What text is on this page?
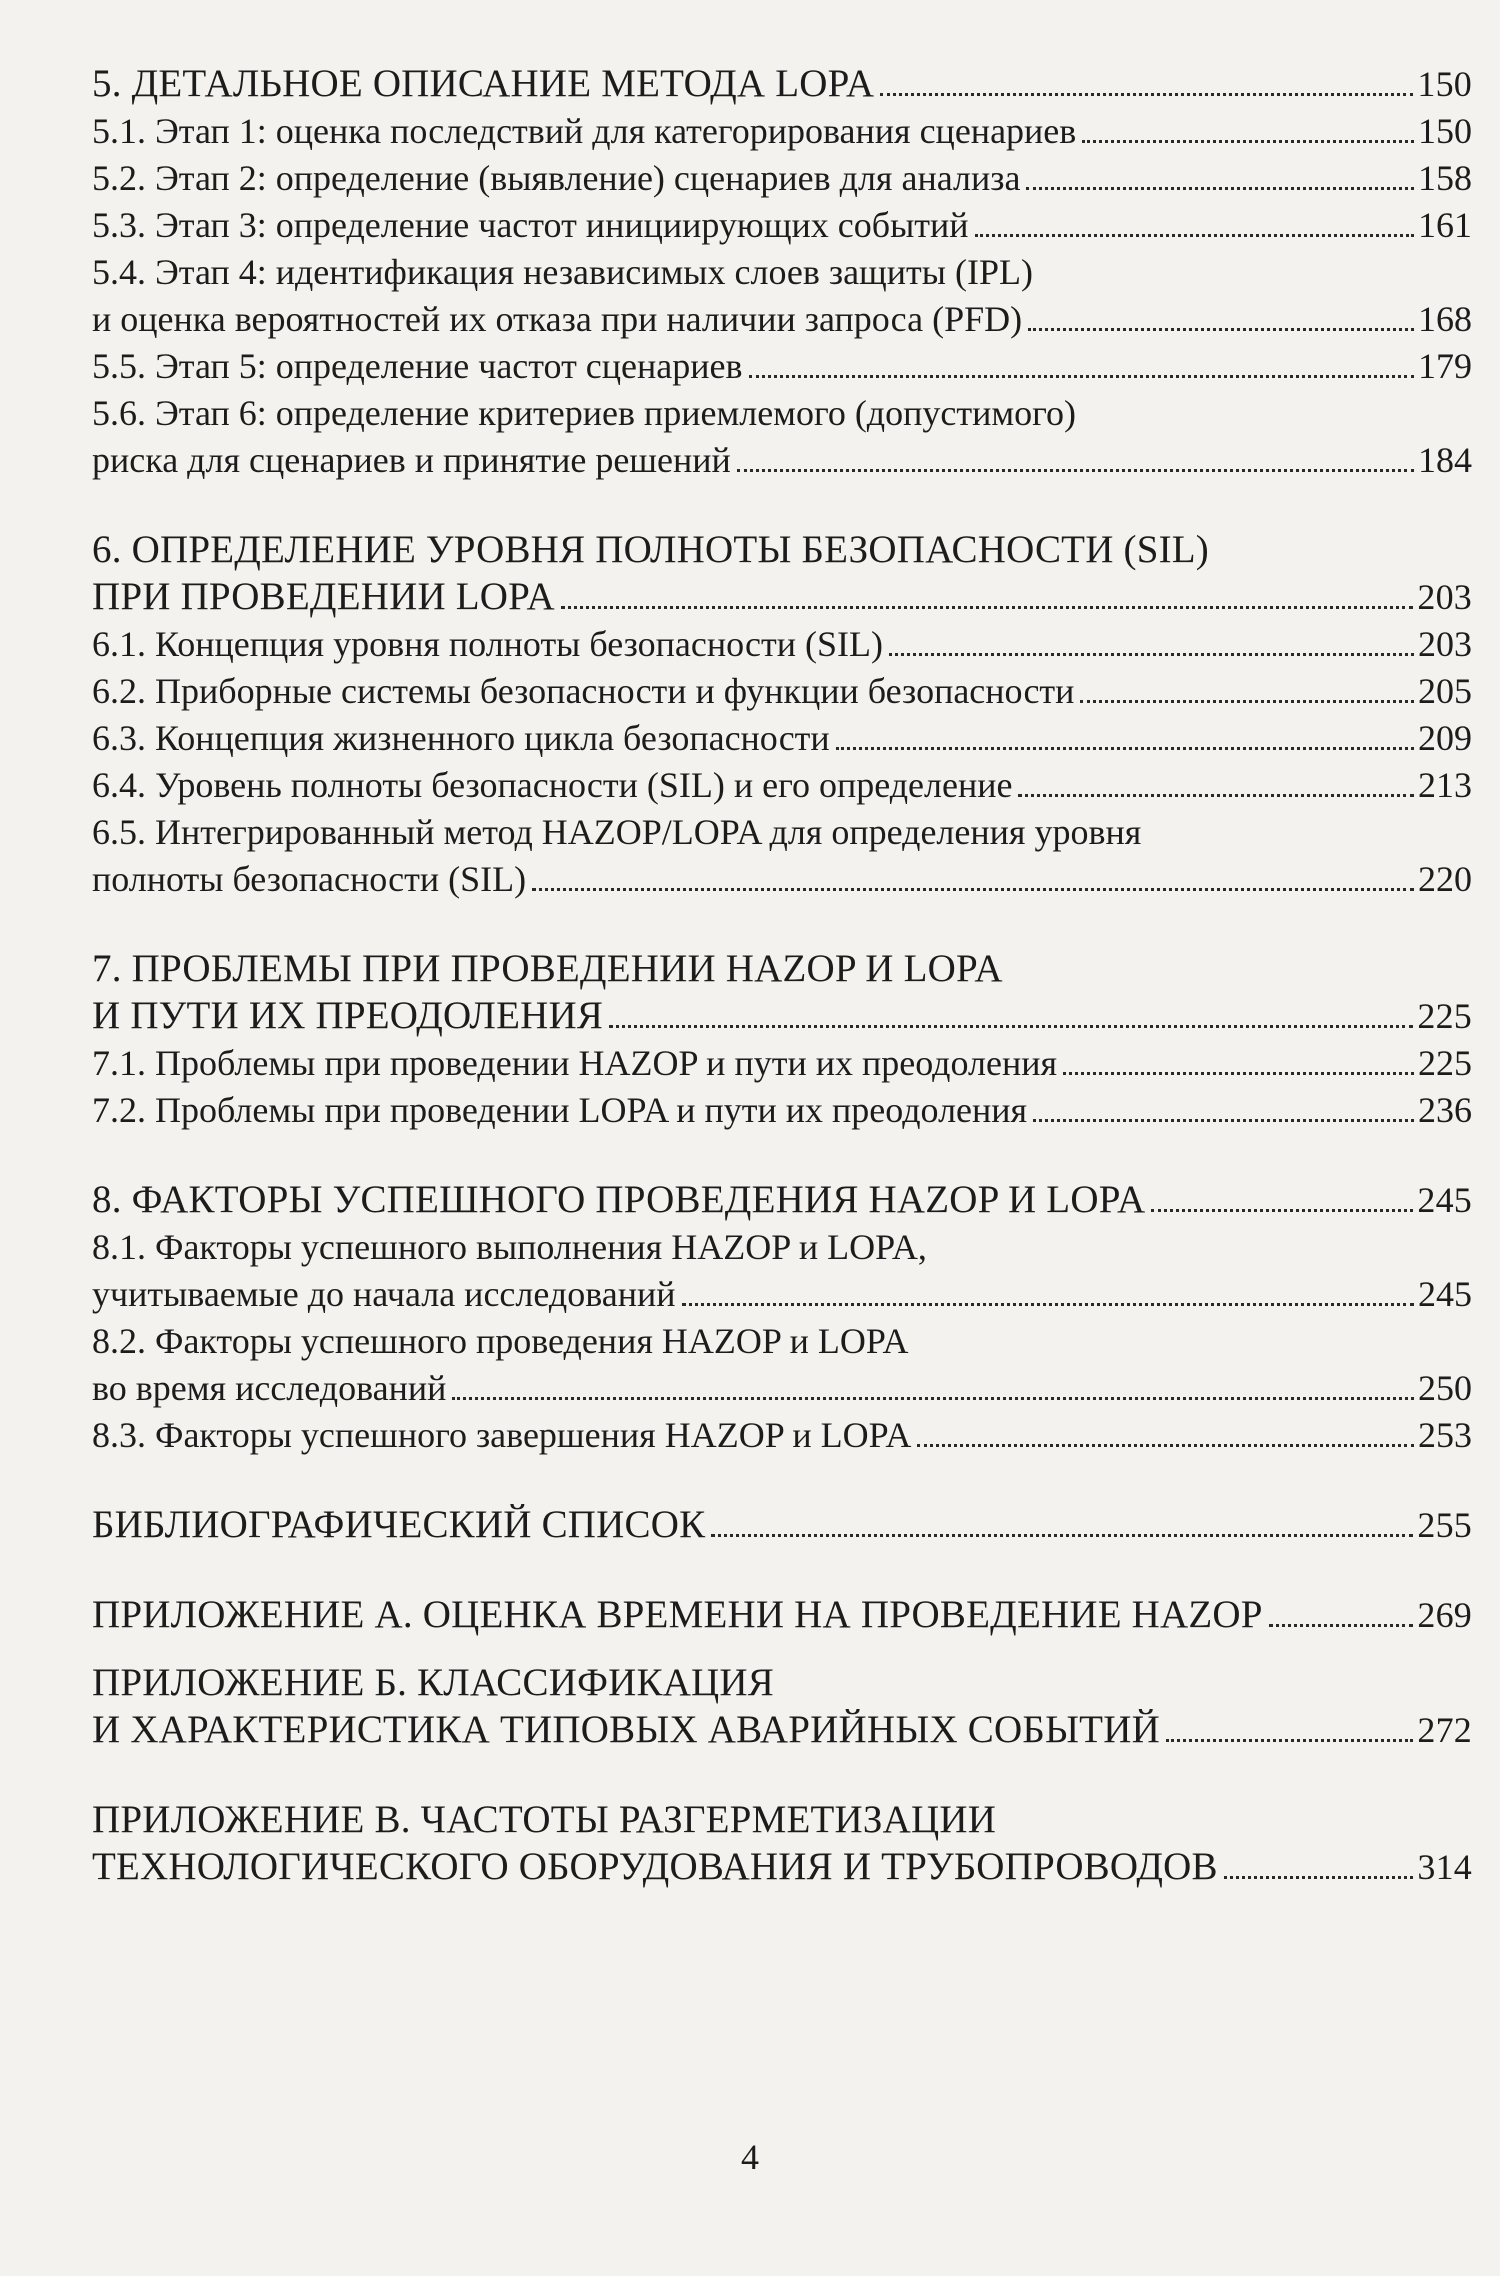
5. ДЕТАЛЬНОЕ ОПИСАНИЕ МЕТОДА LOPA	150
5.1. Этап 1: оценка последствий для категорирования сценариев	150
5.2. Этап 2: определение (выявление) сценариев для анализа	158
5.3. Этап 3: определение частот инициирующих событий	161
5.4. Этап 4: идентификация независимых слоев защиты (IPL)
и оценка вероятностей их отказа при наличии запроса (PFD)	168
5.5. Этап 5: определение частот сценариев	179
5.6. Этап 6: определение критериев приемлемого (допустимого)
риска для сценариев и принятие решений	184
6. ОПРЕДЕЛЕНИЕ УРОВНЯ ПОЛНОТЫ БЕЗОПАСНОСТИ (SIL)
ПРИ ПРОВЕДЕНИИ LOPA	203
6.1. Концепция уровня полноты безопасности (SIL)	203
6.2. Приборные системы безопасности и функции безопасности	205
6.3. Концепция жизненного цикла безопасности	209
6.4. Уровень полноты безопасности (SIL) и его определение	213
6.5. Интегрированный метод HAZOP/LOPA для определения уровня
полноты безопасности (SIL)	220
7. ПРОБЛЕМЫ ПРИ ПРОВЕДЕНИИ HAZOP И LOPA
И ПУТИ ИХ ПРЕОДОЛЕНИЯ	225
7.1. Проблемы при проведении HAZOP и пути их преодоления	225
7.2. Проблемы при проведении LOPA и пути их преодоления	236
8. ФАКТОРЫ УСПЕШНОГО ПРОВЕДЕНИЯ HAZOP И LOPA	245
8.1. Факторы успешного выполнения HAZOP и LOPA,
учитываемые до начала исследований	245
8.2. Факторы успешного проведения HAZOP и LOPA
во время исследований	250
8.3. Факторы успешного завершения HAZOP и LOPA	253
БИБЛИОГРАФИЧЕСКИЙ СПИСОК	255
ПРИЛОЖЕНИЕ А. ОЦЕНКА ВРЕМЕНИ НА ПРОВЕДЕНИЕ HAZOP	269
ПРИЛОЖЕНИЕ Б. КЛАССИФИКАЦИЯ
И ХАРАКТЕРИСТИКА ТИПОВЫХ АВАРИЙНЫХ СОБЫТИЙ	272
ПРИЛОЖЕНИЕ В. ЧАСТОТЫ РАЗГЕРМЕТИЗАЦИИ
ТЕХНОЛОГИЧЕСКОГО ОБОРУДОВАНИЯ И ТРУБОПРОВОДОВ	314
4
